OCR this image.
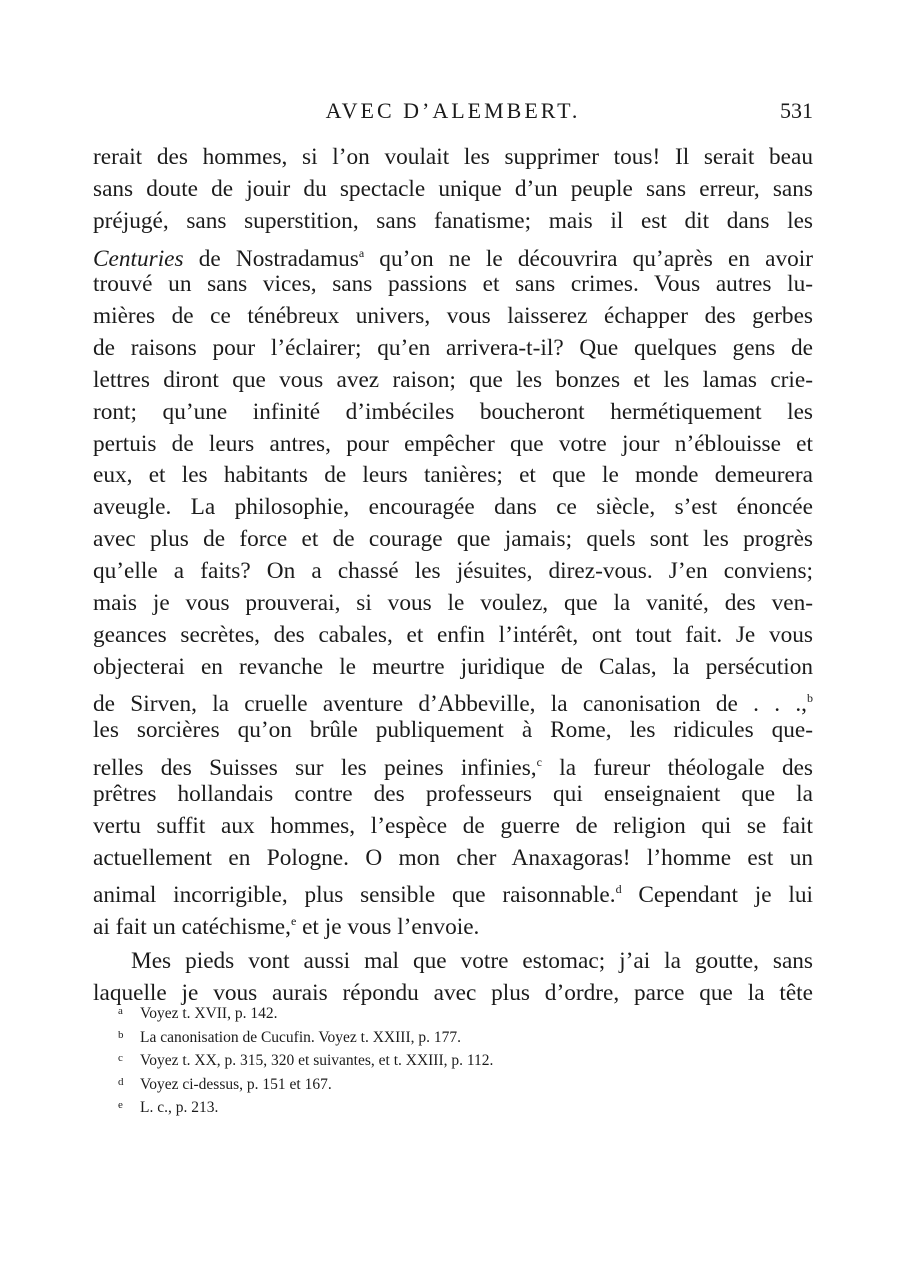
AVEC D’ALEMBERT.	531
rerait des hommes, si l’on voulait les supprimer tous! Il serait beau
sans doute de jouir du spectacle unique d’un peuple sans erreur, sans
préjugé, sans superstition, sans fanatisme; mais il est dit dans les
Centuries de Nostradamus$^a$ qu’on ne le découvrira qu’après en avoir
trouvé un sans vices, sans passions et sans crimes. Vous autres lu-
mières de ce ténébreux univers, vous laisserez échapper des gerbes
de raisons pour l’éclairer; qu’en arrivera-t-il? Que quelques gens de
lettres diront que vous avez raison; que les bonzes et les lamas crie-
ront; qu’une infinité d’imbéciles boucheront hermétiquement les
pertuis de leurs antres, pour empêcher que votre jour n’éblouisse et
eux, et les habitants de leurs tanières; et que le monde demeurera
aveugle. La philosophie, encouragée dans ce siècle, s’est énoncée
avec plus de force et de courage que jamais; quels sont les progrès
qu’elle a faits? On a chassé les jésuites, direz-vous. J’en conviens;
mais je vous prouverai, si vous le voulez, que la vanité, des ven-
geances secrètes, des cabales, et enfin l’intérêt, ont tout fait. Je vous
objecterai en revanche le meurtre juridique de Calas, la persécution
de Sirven, la cruelle aventure d’Abbeville, la canonisation de . . .,$^b$
les sorcières qu’on brûle publiquement à Rome, les ridicules que-
relles des Suisses sur les peines infinies,$^c$ la fureur théologale des
prêtres hollandais contre des professeurs qui enseignaient que la
vertu suffit aux hommes, l’espèce de guerre de religion qui se fait
actuellement en Pologne. O mon cher Anaxagoras! l’homme est un
animal incorrigible, plus sensible que raisonnable.$^d$ Cependant je lui
ai fait un catéchisme,$^e$ et je vous l’envoie.
Mes pieds vont aussi mal que votre estomac; j’ai la goutte, sans
laquelle je vous aurais répondu avec plus d’ordre, parce que la tête
a Voyez t. XVII, p. 142.
b La canonisation de Cucufin. Voyez t. XXIII, p. 177.
c Voyez t. XX, p. 315, 320 et suivantes, et t. XXIII, p. 112.
d Voyez ci-dessus, p. 151 et 167.
e L. c., p. 213.
